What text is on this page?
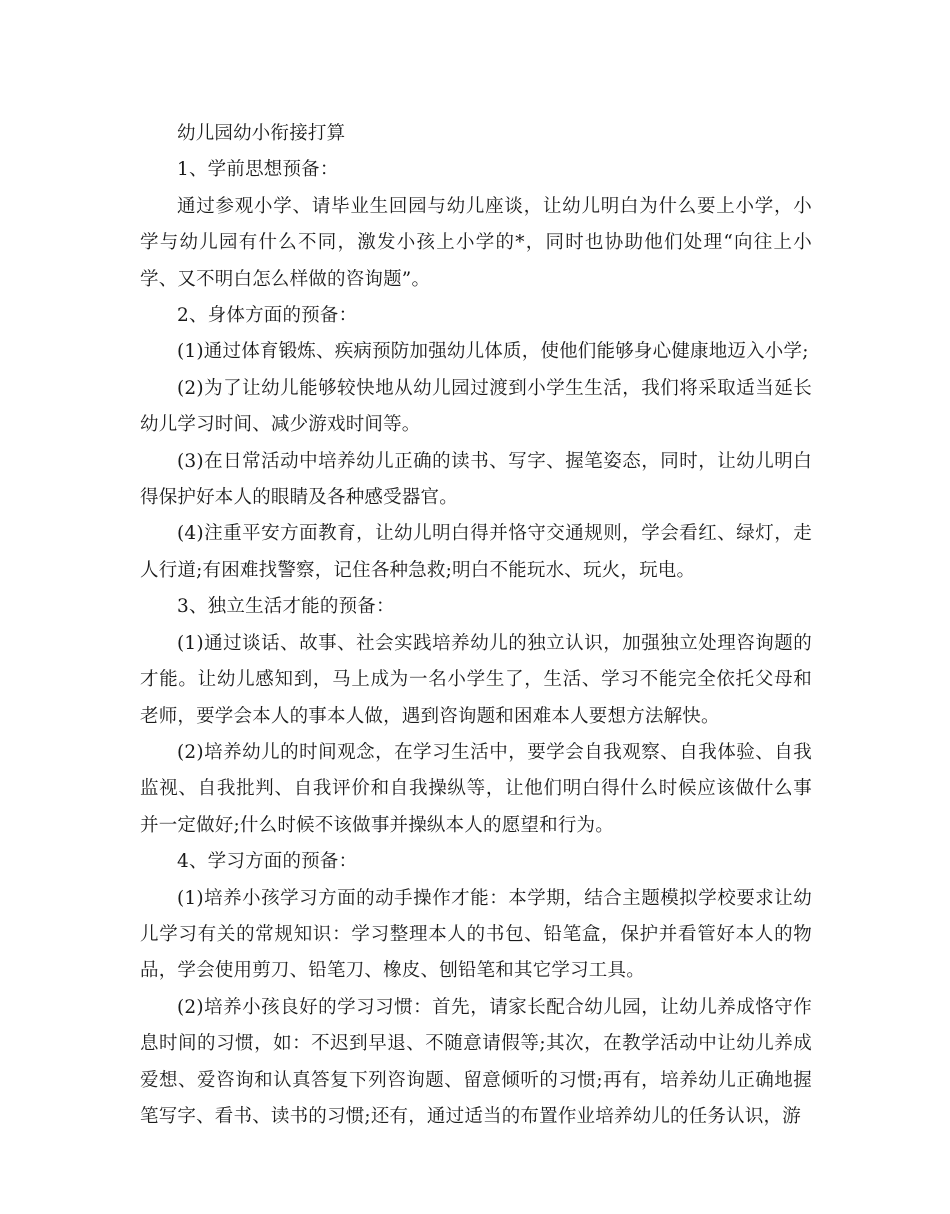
幼儿园幼小衔接打算

1、学前思想预备：

通过参观小学、请毕业生回园与幼儿座谈，让幼儿明白为什么要上小学，小学与幼儿园有什么不同，激发小孩上小学的*，同时也协助他们处理“向往上小学、又不明白怎么样做的咨询题”。

2、身体方面的预备：

(1)通过体育锻炼、疾病预防加强幼儿体质，使他们能够身心健康地迈入小学;

(2)为了让幼儿能够较快地从幼儿园过渡到小学生生活，我们将采取适当延长幼儿学习时间、减少游戏时间等。

(3)在日常活动中培养幼儿正确的读书、写字、握笔姿态，同时，让幼儿明白得保护好本人的眼睛及各种感受器官。

(4)注重平安方面教育，让幼儿明白得并恪守交通规则，学会看红、绿灯，走人行道;有困难找警察，记住各种急救;明白不能玩水、玩火，玩电。

3、独立生活才能的预备：

(1)通过谈话、故事、社会实践培养幼儿的独立认识，加强独立处理咨询题的才能。让幼儿感知到，马上成为一名小学生了，生活、学习不能完全依托父母和老师，要学会本人的事本人做，遇到咨询题和困难本人要想方法解快。

(2)培养幼儿的时间观念，在学习生活中，要学会自我观察、自我体验、自我监视、自我批判、自我评价和自我操纵等，让他们明白得什么时候应该做什么事并一定做好;什么时候不该做事并操纵本人的愿望和行为。

4、学习方面的预备：

(1)培养小孩学习方面的动手操作才能：本学期，结合主题模拟学校要求让幼儿学习有关的常规知识：学习整理本人的书包、铅笔盒，保护并看管好本人的物品，学会使用剪刀、铅笔刀、橡皮、刨铅笔和其它学习工具。

(2)培养小孩良好的学习习惯：首先，请家长配合幼儿园，让幼儿养成恪守作息时间的习惯，如：不迟到早退、不随意请假等;其次，在教学活动中让幼儿养成爱想、爱咨询和认真答复下列咨询题、留意倾听的习惯;再有，培养幼儿正确地握笔写字、看书、读书的习惯;还有，通过适当的布置作业培养幼儿的任务认识，游
